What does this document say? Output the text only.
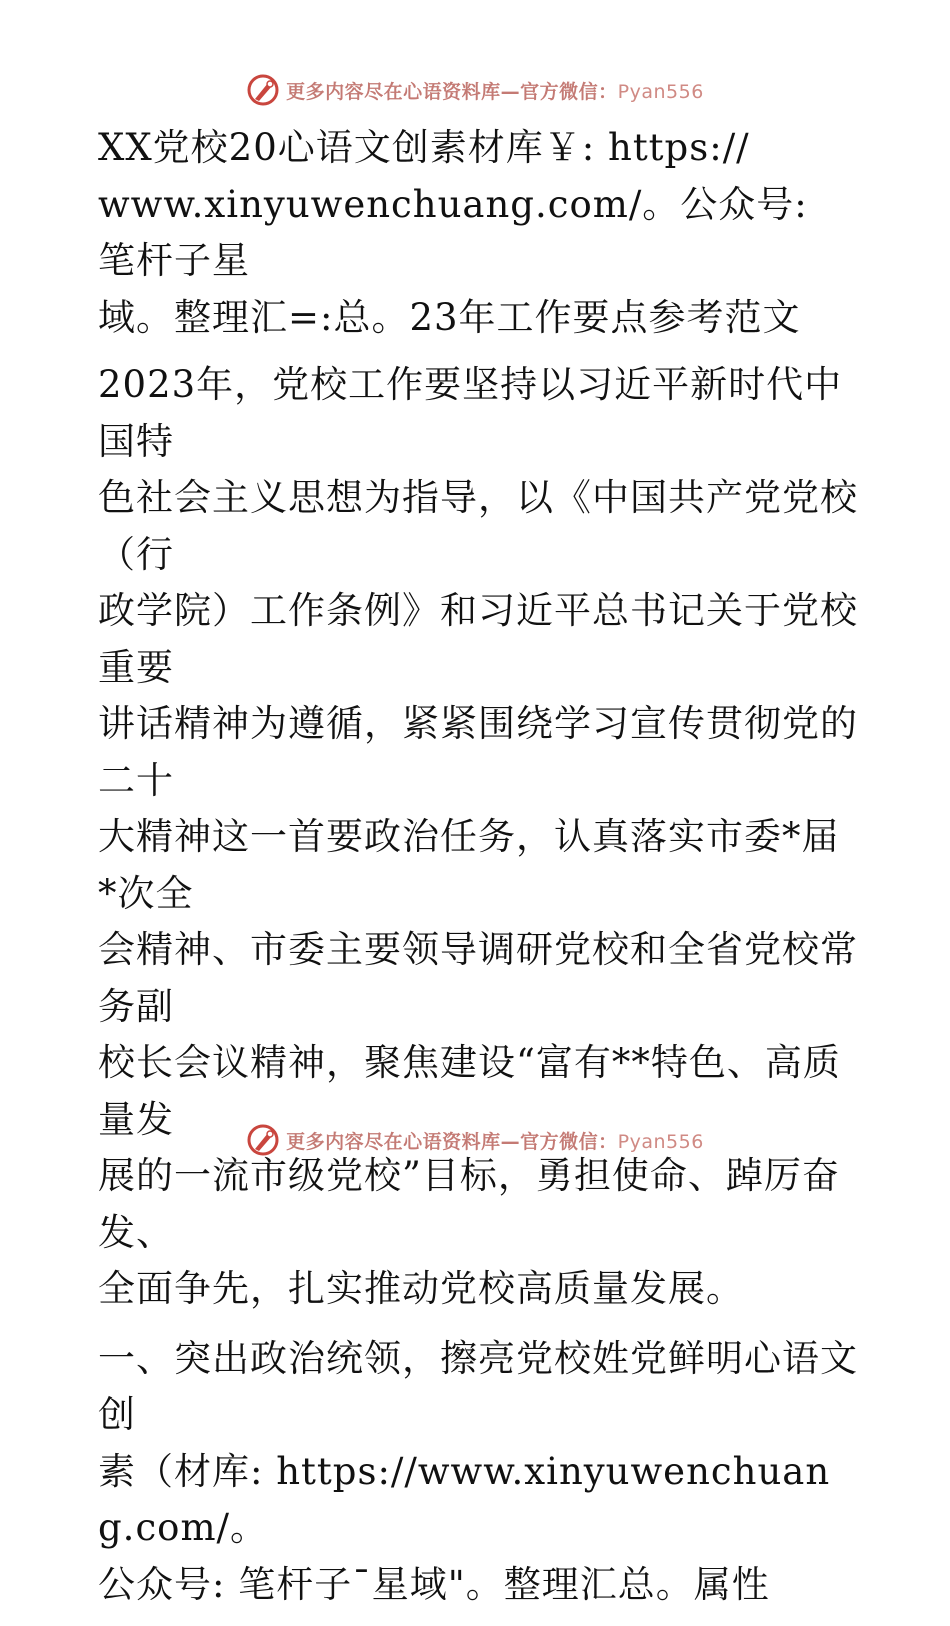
更多内容尽在心语资料库—官方微信：Pyan556

XX党校20心语文创素材库￥: https://
www.xinyuwenchuang.com/。公众号: 笔杆子星
域。整理汇=:总。23年工作要点参考范文

2023年，党校工作要坚持以习近平新时代中国特
色社会主义思想为指导，以《中国共产党党校（行
政学院）工作条例》和习近平总书记关于党校重要
讲话精神为遵循，紧紧围绕学习宣传贯彻党的二十
大精神这一首要政治任务，认真落实市委*届*次全
会精神、市委主要领导调研党校和全省党校常务副
校长会议精神，聚焦建设“富有**特色、高质量发
展的一流市级党校”目标，勇担使命、踔厉奋发、
全面争先，扎实推动党校高质量发展。

一、突出政治统领，擦亮党校姓党鲜明心语文创
素（材库: https://www.xinyuwenchuang.com/。
公众号: 笔杆子¯星域"。整理汇总。属性

更多内容尽在心语资料库—官方微信：Pyan556
